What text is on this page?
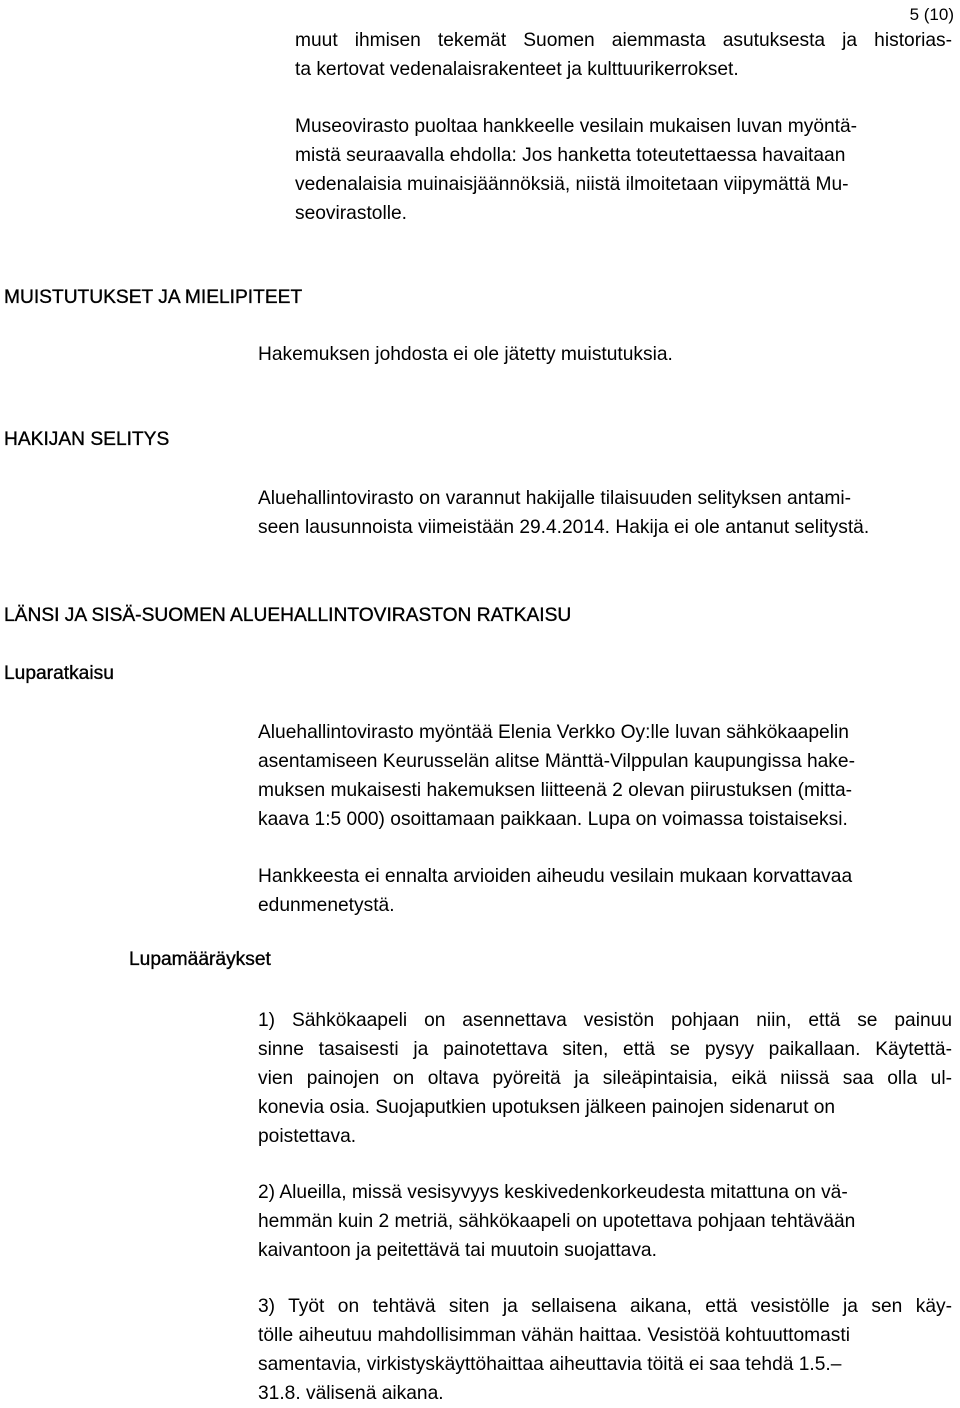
5 (10)

muut ihmisen tekemät Suomen aiemmasta asutuksesta ja historias-
ta kertovat vedenalaisrakenteet ja kulttuurikerrokset.

Museovirasto puoltaa hankkeelle vesilain mukaisen luvan myöntä-
mistä seuraavalla ehdolla: Jos hanketta toteutettaessa havaitaan
vedenalaisia muinaisjäännöksiä, niistä ilmoitetaan viipymättä Mu-
seovirastolle.

MUISTUTUKSET JA MIELIPITEET

Hakemuksen johdosta ei ole jätetty muistutuksia.

HAKIJAN SELITYS

Aluehallintovirasto on varannut hakijalle tilaisuuden selityksen antami-
seen lausunnoista viimeistään 29.4.2014. Hakija ei ole antanut selitystä.

LÄNSI JA SISÄ-SUOMEN ALUEHALLINTOVIRASTON RATKAISU
Luparatkaisu

Aluehallintovirasto myöntää Elenia Verkko Oy:lle luvan sähkökaapelin
asentamiseen Keurusselän alitse Mänttä-Vilppulan kaupungissa hake-
muksen mukaisesti hakemuksen liitteenä 2 olevan piirustuksen (mitta-
kaava 1:5 000) osoittamaan paikkaan. Lupa on voimassa toistaiseksi.

Hankkeesta ei ennalta arvioiden aiheudu vesilain mukaan korvattavaa
edunmenetystä.

Lupamääräykset

1) Sähkökaapeli on asennettava vesistön pohjaan niin, että se painuu
sinne tasaisesti ja painotettava siten, että se pysyy paikallaan. Käytettä-
vien painojen on oltava pyöreitä ja sileäpintaisia, eikä niissä saa olla ul-
konevia osia. Suojaputkien upotuksen jälkeen painojen sidenarut on
poistettava.

2) Alueilla, missä vesisyvyys keskivedenkorkeudesta mitattuna on vä-
hemmän kuin 2 metriä, sähkökaapeli on upotettava pohjaan tehtävään
kaivantoon ja peitettävä tai muutoin suojattava.

3) Työt on tehtävä siten ja sellaisena aikana, että vesistölle ja sen käy-
tölle aiheutuu mahdollisimman vähän haittaa. Vesistöä kohtuuttomasti
samentavia, virkistyskäyttöhaittaa aiheuttavia töitä ei saa tehdä 1.5.–
31.8. välisenä aikana.
